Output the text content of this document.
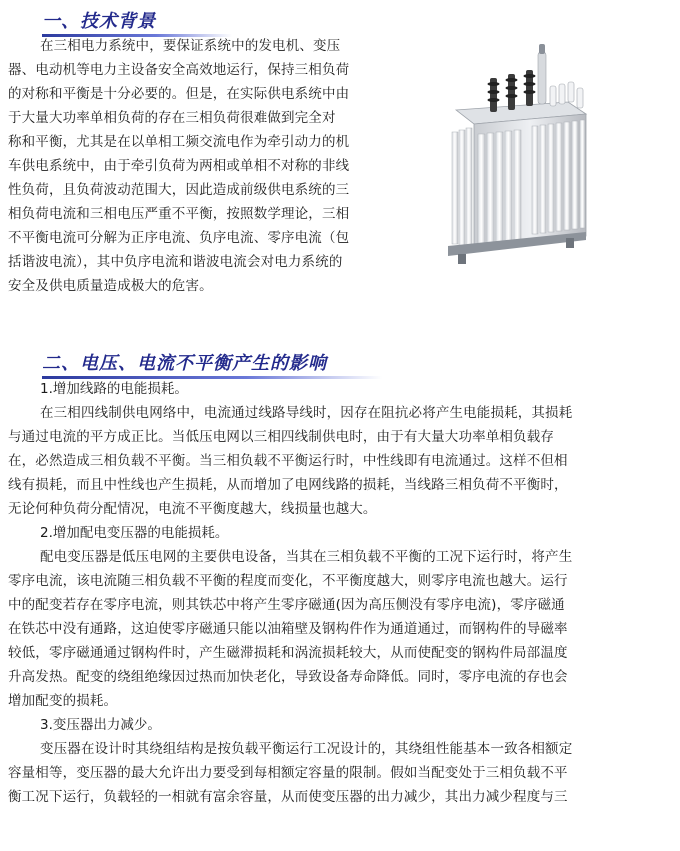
一、技术背景
在三相电力系统中，要保证系统中的发电机、变压
器、电动机等电力主设备安全高效地运行，保持三相负荷
的对称和平衡是十分必要的。但是，在实际供电系统中由
于大量大功率单相负荷的存在三相负荷很难做到完全对
称和平衡，尤其是在以单相工频交流电作为牵引动力的机
车供电系统中，由于牵引负荷为两相或单相不对称的非线
性负荷，且负荷波动范围大，因此造成前级供电系统的三
相负荷电流和三相电压严重不平衡，按照数学理论，三相
不平衡电流可分解为正序电流、负序电流、零序电流（包
括谐波电流），其中负序电流和谐波电流会对电力系统的
安全及供电质量造成极大的危害。
二、电压、电流不平衡产生的影响
1.增加线路的电能损耗。
在三相四线制供电网络中，电流通过线路导线时，因存在阻抗必将产生电能损耗，其损耗
与通过电流的平方成正比。当低压电网以三相四线制供电时，由于有大量大功率单相负载存
在，必然造成三相负载不平衡。当三相负载不平衡运行时，中性线即有电流通过。这样不但相
线有损耗，而且中性线也产生损耗，从而增加了电网线路的损耗，当线路三相负荷不平衡时，
无论何种负荷分配情况，电流不平衡度越大，线损量也越大。
2.增加配电变压器的电能损耗。
配电变压器是低压电网的主要供电设备，当其在三相负载不平衡的工况下运行时，将产生
零序电流，该电流随三相负载不平衡的程度而变化，不平衡度越大，则零序电流也越大。运行
中的配变若存在零序电流，则其铁芯中将产生零序磁通(因为高压侧没有零序电流)，零序磁通
在铁芯中没有通路，这迫使零序磁通只能以油箱壁及钢构件作为通道通过，而钢构件的导磁率
较低，零序磁通通过钢构件时，产生磁滞损耗和涡流损耗较大，从而使配变的钢构件局部温度
升高发热。配变的绕组绝缘因过热而加快老化，导致设备寿命降低。同时，零序电流的存也会
增加配变的损耗。
3.变压器出力减少。
变压器在设计时其绕组结构是按负载平衡运行工况设计的，其绕组性能基本一致各相额定
容量相等，变压器的最大允许出力要受到每相额定容量的限制。假如当配变处于三相负载不平
衡工况下运行，负载轻的一相就有富余容量，从而使变压器的出力减少，其出力减少程度与三
